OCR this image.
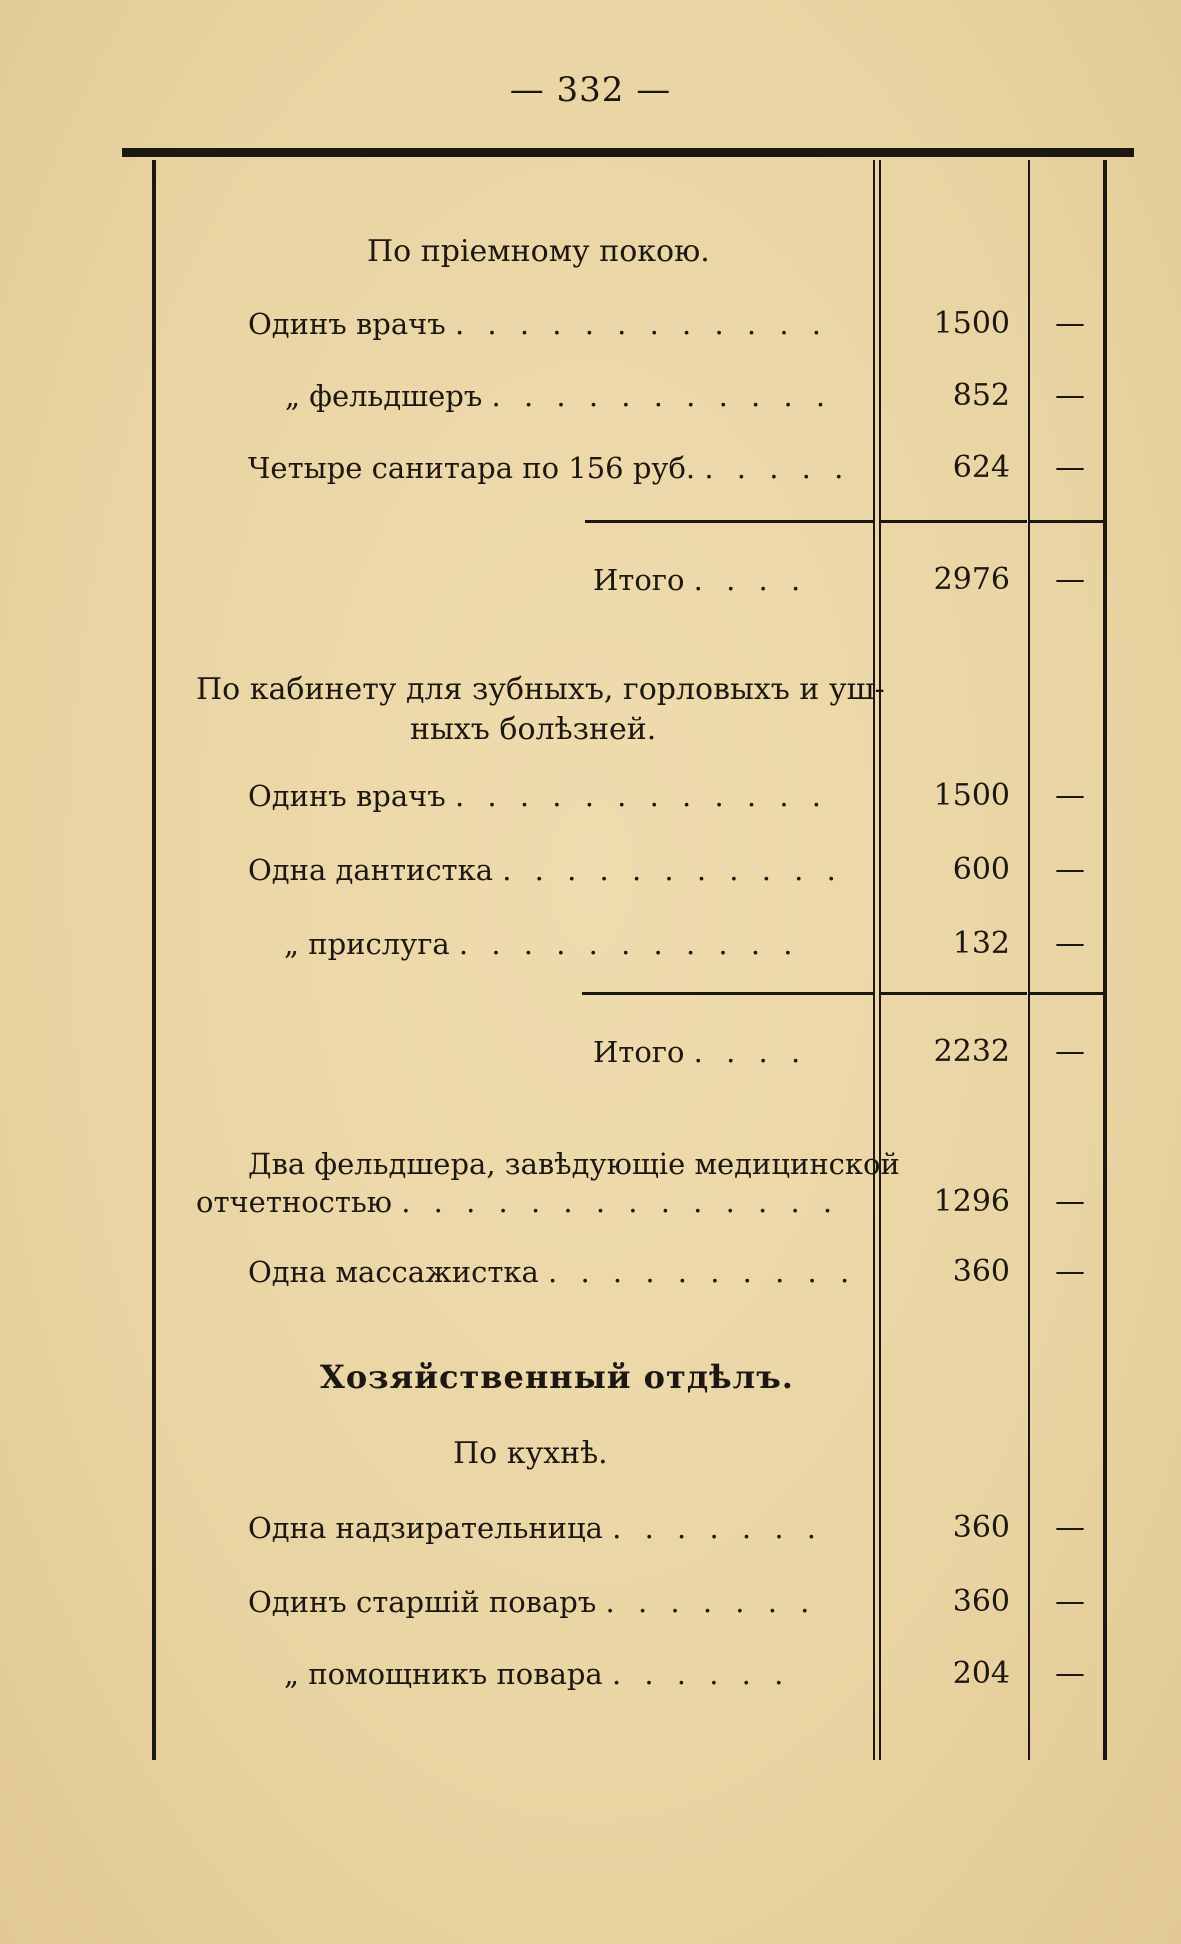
— 332 —
По пріемному покою.
Одинъ врачъ . . . . . . . . . . . .	1500	—
„ фельдшеръ . . . . . . . . . . .	852	—
Четыре санитара по 156 руб. . . . . .	624	—
Итого . . . .	2976	—
По кабинету для зубныхъ, горловыхъ и уш-
ныхъ болѣзней.
Одинъ врачъ . . . . . . . . . . . .	1500	—
Одна дантистка . . . . . . . . . . .	600	—
„ прислуга . . . . . . . . . . .	132	—
Итого . . . .	2232	—
Два фельдшера, завѣдующіе медицинской
отчетностью . . . . . . . . . . . . . .	1296	—
Одна массажистка . . . . . . . . . .	360	—
Хозяйственный отдѣлъ.
По кухнѣ.
Одна надзирательница . . . . . . .	360	—
Одинъ старшій поваръ . . . . . . .	360	—
„ помощникъ повара . . . . . .	204	—
